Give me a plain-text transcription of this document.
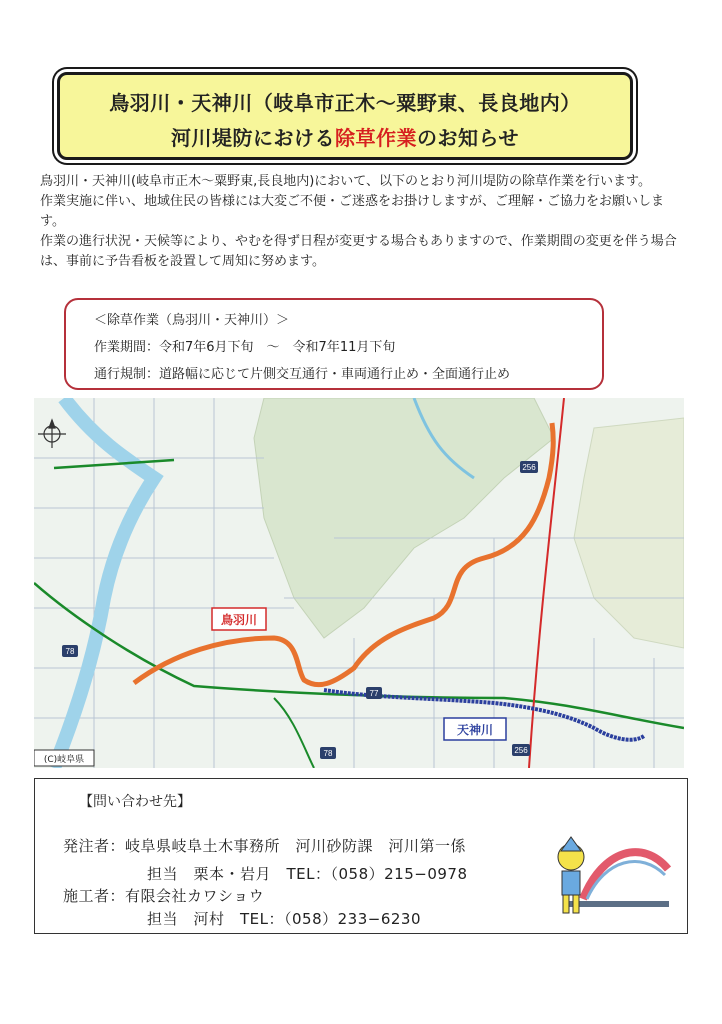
鳥羽川・天神川（岐阜市正木〜粟野東、長良地内）
河川堤防における除草作業のお知らせ

鳥羽川・天神川(岐阜市正木〜粟野東,長良地内)において、以下のとおり河川堤防の除草作業を行います。

作業実施に伴い、地域住民の皆様には大変ご不便・ご迷惑をお掛けしますが、ご理解・ご協力をお願いします。

作業の進行状況・天候等により、やむを得ず日程が変更する場合もありますので、作業期間の変更を伴う場合は、事前に予告看板を設置して周知に努めます。

＜除草作業（鳥羽川・天神川）＞
作業期間：令和7年6月下旬　〜　令和7年11月下旬
通行規制：道路幅に応じて片側交互通行・車両通行止め・全面通行止め
256
78
77
78	256
鳥羽川
天神川
(C)岐阜県
【問い合わせ先】
発注者：岐阜県岐阜土木事務所　河川砂防課　河川第一係
担当　栗本・岩月　TEL：（058）215−0978
施工者：有限会社カワショウ
担当　河村　TEL：（058）233−6230
